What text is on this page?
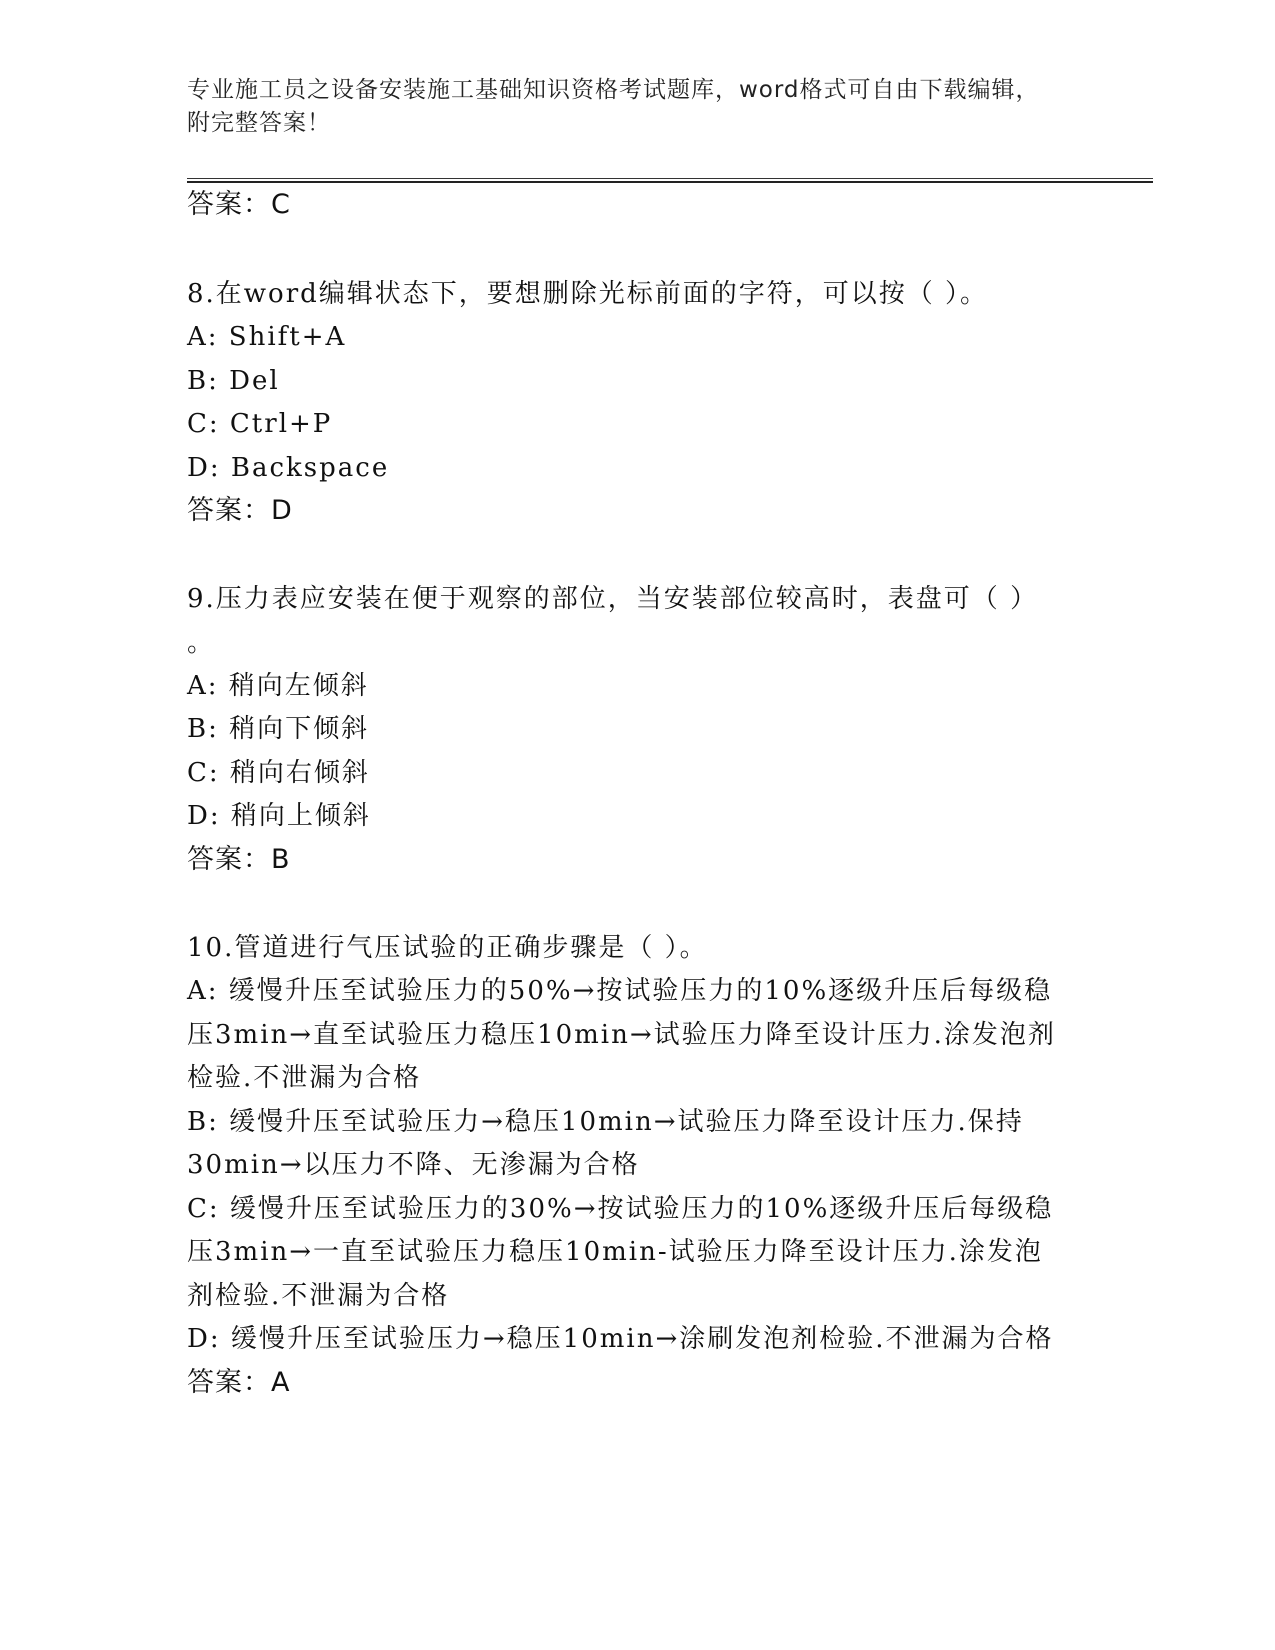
专业施工员之设备安装施工基础知识资格考试题库，word格式可自由下载编辑，
附完整答案！
答案：C
8.在word编辑状态下，要想删除光标前面的字符，可以按（ ）。
A: Shift+A
B: Del
C: Ctrl+P
D: Backspace
答案：D
9.压力表应安装在便于观察的部位，当安装部位较高时，表盘可（ ）
。
A: 稍向左倾斜
B: 稍向下倾斜
C: 稍向右倾斜
D: 稍向上倾斜
答案：B
10.管道进行气压试验的正确步骤是（ ）。
A: 缓慢升压至试验压力的50%→按试验压力的10%逐级升压后每级稳
压3min→直至试验压力稳压10min→试验压力降至设计压力.涂发泡剂
检验.不泄漏为合格
B: 缓慢升压至试验压力→稳压10min→试验压力降至设计压力.保持
30min→以压力不降、无渗漏为合格
C: 缓慢升压至试验压力的30%→按试验压力的10%逐级升压后每级稳
压3min→一直至试验压力稳压10min-试验压力降至设计压力.涂发泡
剂检验.不泄漏为合格
D: 缓慢升压至试验压力→稳压10min→涂刷发泡剂检验.不泄漏为合格
答案：A
